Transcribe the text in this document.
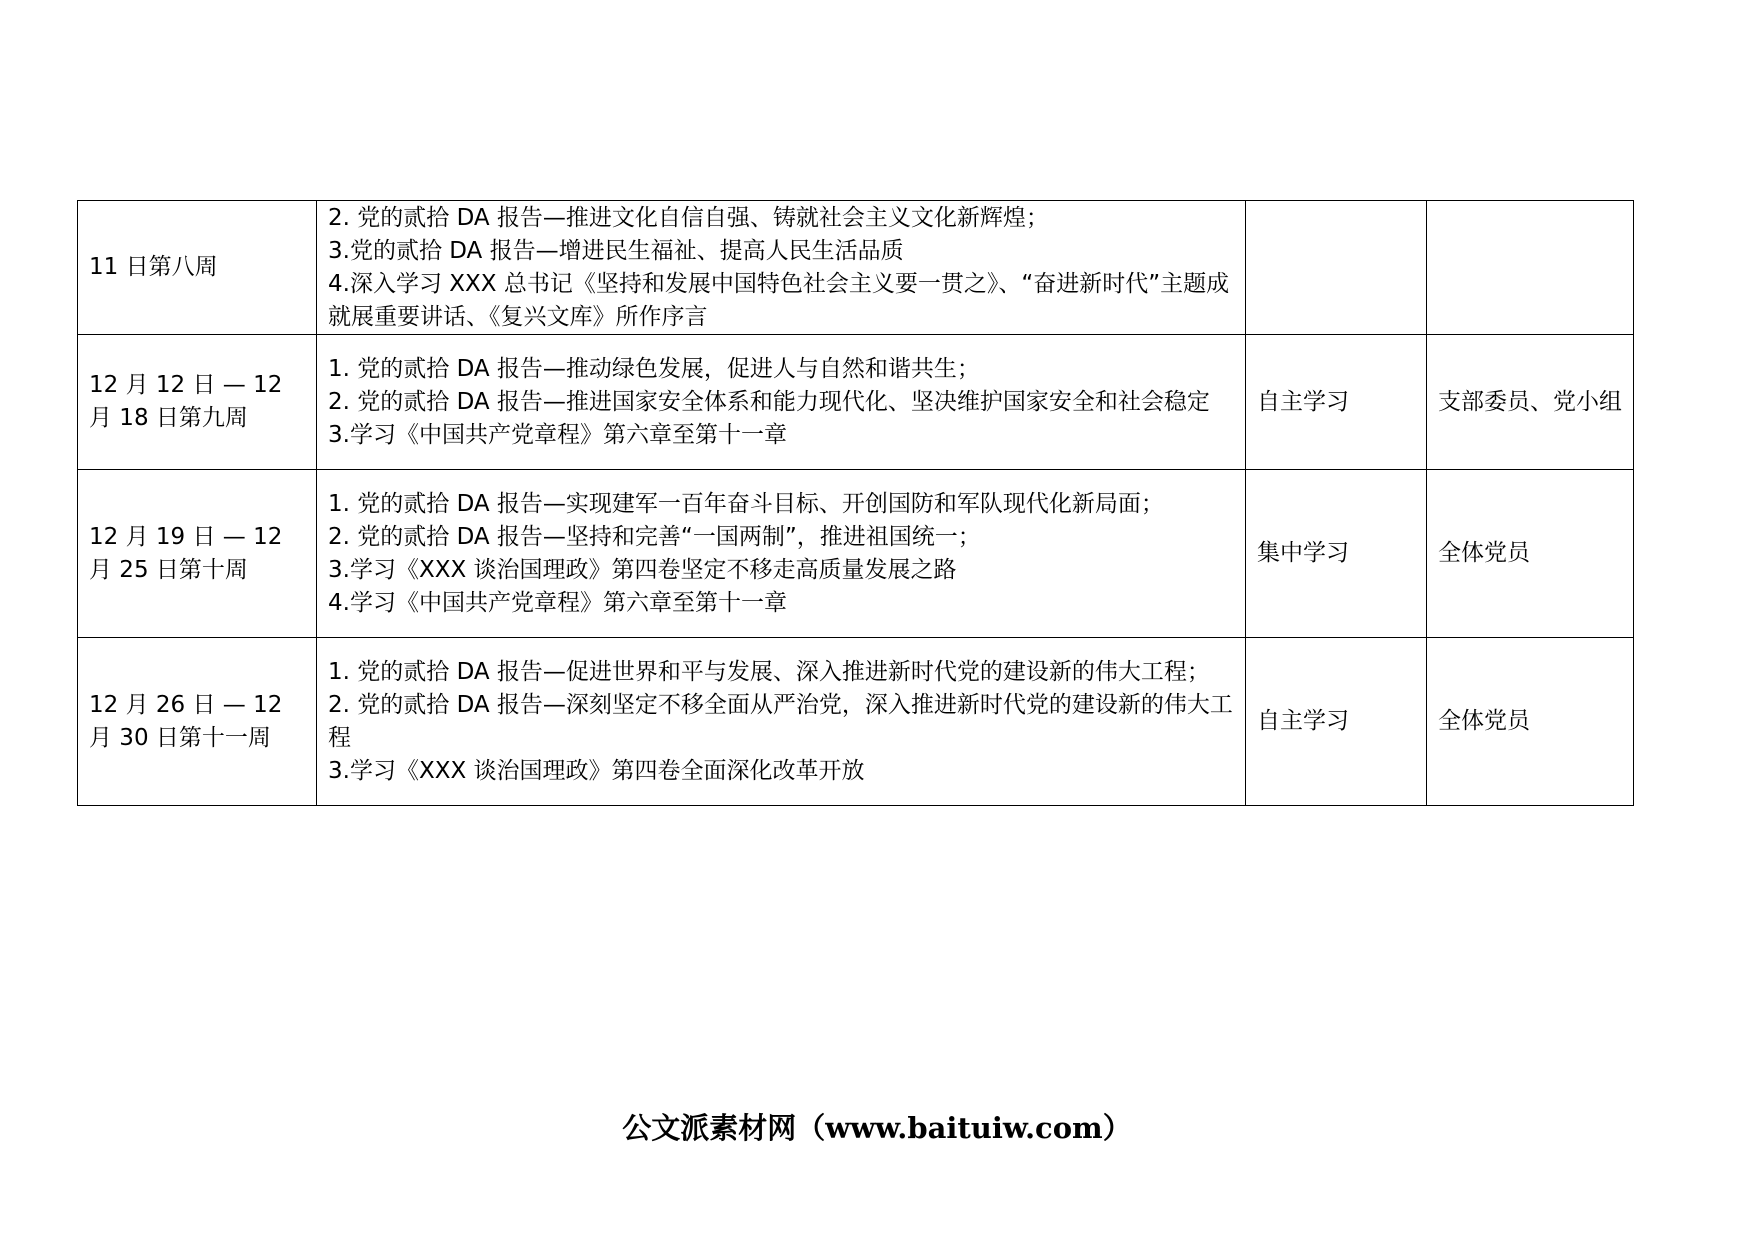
11 日第八周	2. 党的贰拾 DA 报告—推进文化自信自强、铸就社会主义文化新辉煌；
3.党的贰拾 DA 报告—增进民生福祉、提高人民生活品质
4.深入学习 XXX 总书记《坚持和发展中国特色社会主义要一贯之》、“奋进新时代”主题成就展重要讲话、《复兴文库》所作序言		

12 月 12 日 — 12 月 18 日第九周	1. 党的贰拾 DA 报告—推动绿色发展，促进人与自然和谐共生；
2. 党的贰拾 DA 报告—推进国家安全体系和能力现代化、坚决维护国家安全和社会稳定
3.学习《中国共产党章程》第六章至第十一章	自主学习	支部委员、党小组
12 月 19 日 — 12 月 25 日第十周	1. 党的贰拾 DA 报告—实现建军一百年奋斗目标、开创国防和军队现代化新局面；
2. 党的贰拾 DA 报告—坚持和完善“一国两制”，推进祖国统一；
3.学习《XXX 谈治国理政》第四卷坚定不移走高质量发展之路
4.学习《中国共产党章程》第六章至第十一章	集中学习	全体党员
12 月 26 日 — 12 月 30 日第十一周	1. 党的贰拾 DA 报告—促进世界和平与发展、深入推进新时代党的建设新的伟大工程；
2. 党的贰拾 DA 报告—深刻坚定不移全面从严治党，深入推进新时代党的建设新的伟大工程
3.学习《XXX 谈治国理政》第四卷全面深化改革开放	自主学习	全体党员
公文派素材网（www.baituiw.com）
